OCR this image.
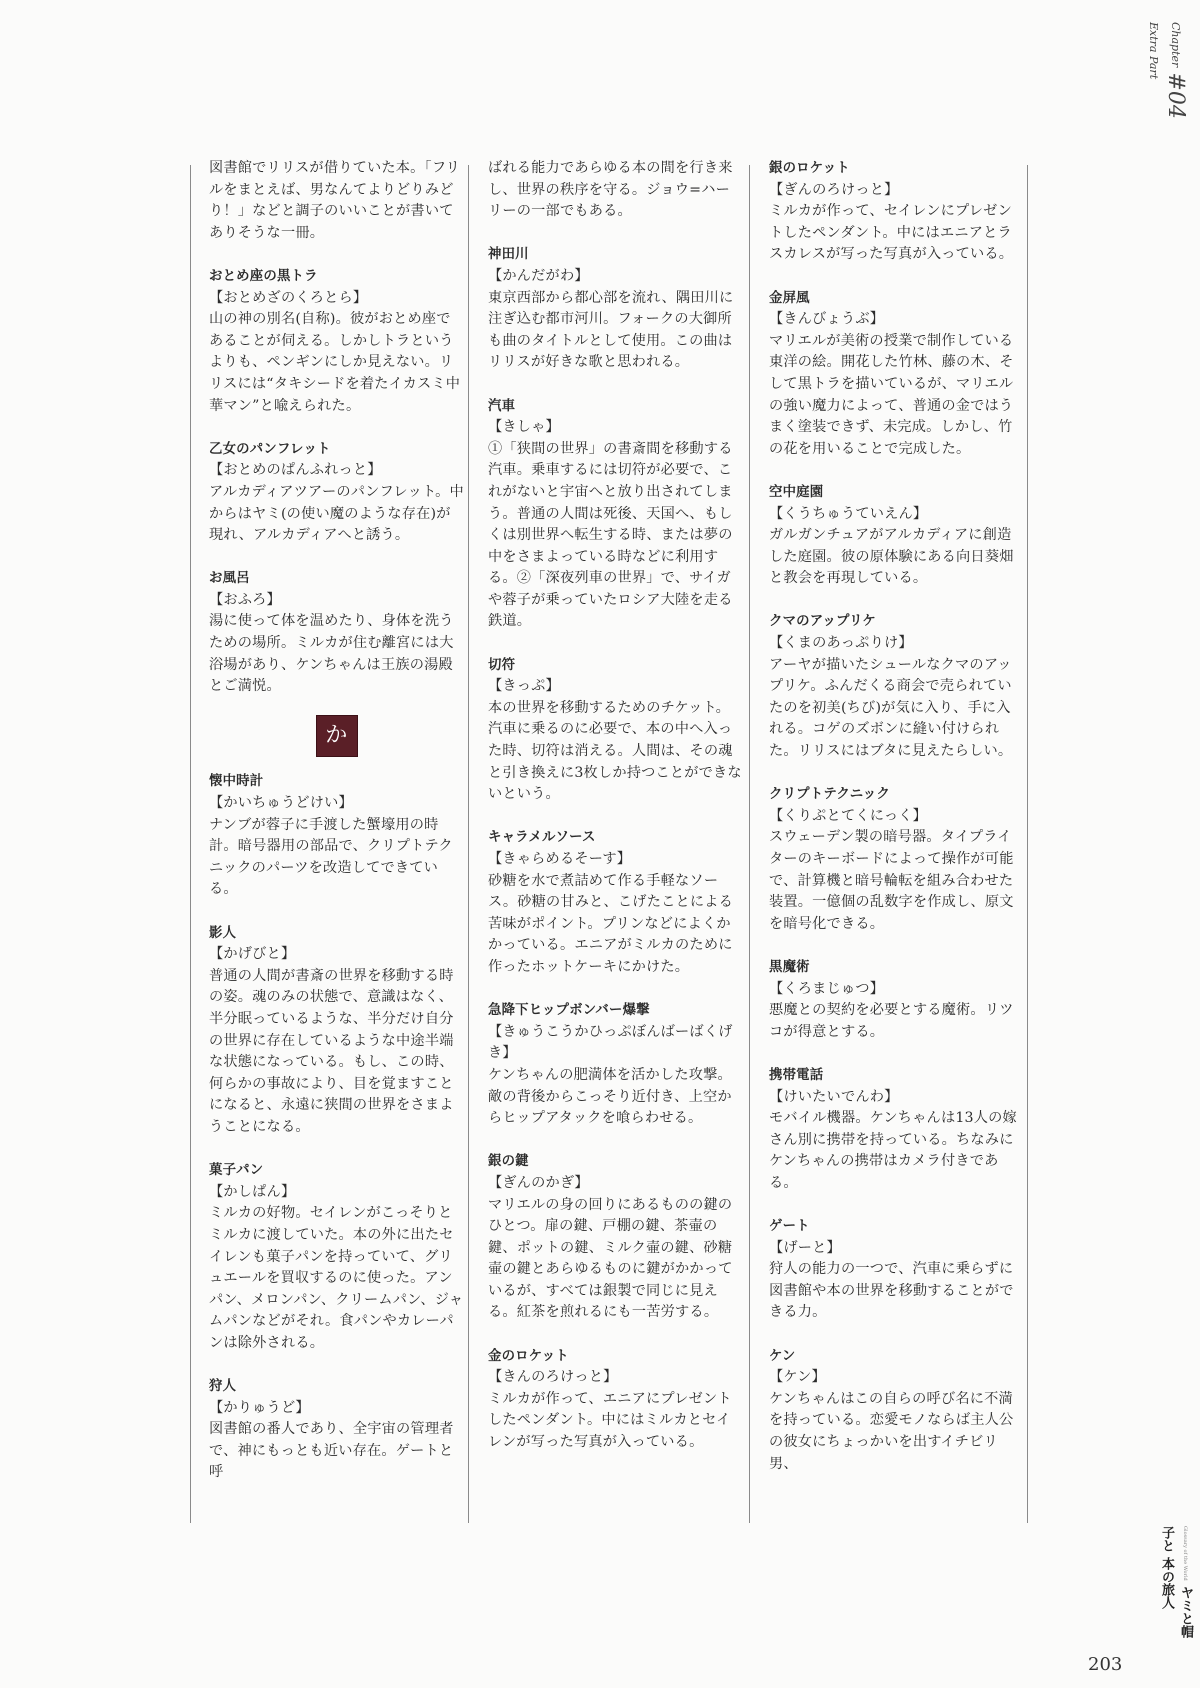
Chapter #04 Extra Part

図書館でリリスが借りていた本。「フリルをまとえば、男なんてよりどりみどり！」などと調子のいいことが書いてありそうな一冊。

おとめ座の黒トラ

【おとめざのくろとら】

山の神の別名(自称)。彼がおとめ座であることが伺える。しかしトラというよりも、ペンギンにしか見えない。リリスには“タキシードを着たイカスミ中華マン”と喩えられた。

乙女のパンフレット

【おとめのぱんふれっと】

アルカディアツアーのパンフレット。中からはヤミ(の使い魔のような存在)が現れ、アルカディアへと誘う。

お風呂

【おふろ】

湯に使って体を温めたり、身体を洗うための場所。ミルカが住む離宮には大浴場があり、ケンちゃんは王族の湯殿とご満悦。

か
懐中時計

【かいちゅうどけい】

ナンブが蓉子に手渡した蟹壕用の時計。暗号器用の部品で、クリプトテクニックのパーツを改造してできている。

影人

【かげびと】

普通の人間が書斎の世界を移動する時の姿。魂のみの状態で、意識はなく、半分眠っているような、半分だけ自分の世界に存在しているような中途半端な状態になっている。もし、この時、何らかの事故により、目を覚ますことになると、永遠に狭間の世界をさまようことになる。

菓子パン

【かしぱん】

ミルカの好物。セイレンがこっそりとミルカに渡していた。本の外に出たセイレンも菓子パンを持っていて、グリュエールを買収するのに使った。アンパン、メロンパン、クリームパン、ジャムパンなどがそれ。食パンやカレーパンは除外される。

狩人

【かりゅうど】

図書館の番人であり、全宇宙の管理者で、神にもっとも近い存在。ゲートと呼

ばれる能力であらゆる本の間を行き来し、世界の秩序を守る。ジョウ=ハーリーの一部でもある。

神田川

【かんだがわ】

東京西部から都心部を流れ、隅田川に注ぎ込む都市河川。フォークの大御所も曲のタイトルとして使用。この曲はリリスが好きな歌と思われる。

汽車

【きしゃ】

①「狭間の世界」の書斎間を移動する汽車。乗車するには切符が必要で、これがないと宇宙へと放り出されてしまう。普通の人間は死後、天国へ、もしくは別世界へ転生する時、または夢の中をさまよっている時などに利用する。②「深夜列車の世界」で、サイガや蓉子が乗っていたロシア大陸を走る鉄道。

切符

【きっぷ】

本の世界を移動するためのチケット。汽車に乗るのに必要で、本の中へ入った時、切符は消える。人間は、その魂と引き換えに3枚しか持つことができないという。

キャラメルソース

【きゃらめるそーす】

砂糖を水で煮詰めて作る手軽なソース。砂糖の甘みと、こげたことによる苦味がポイント。プリンなどによくかかっている。エニアがミルカのために作ったホットケーキにかけた。

急降下ヒップボンバー爆撃

【きゅうこうかひっぷぼんばーばくげき】

ケンちゃんの肥満体を活かした攻撃。敵の背後からこっそり近付き、上空からヒップアタックを喰らわせる。

銀の鍵

【ぎんのかぎ】

マリエルの身の回りにあるものの鍵のひとつ。扉の鍵、戸棚の鍵、茶壷の鍵、ポットの鍵、ミルク壷の鍵、砂糖壷の鍵とあらゆるものに鍵がかかっているが、すべては銀製で同じに見える。紅茶を煎れるにも一苦労する。

金のロケット

【きんのろけっと】

ミルカが作って、エニアにプレゼントしたペンダント。中にはミルカとセイレンが写った写真が入っている。

銀のロケット

【ぎんのろけっと】

ミルカが作って、セイレンにプレゼントしたペンダント。中にはエニアとラスカレスが写った写真が入っている。

金屏風

【きんびょうぶ】

マリエルが美術の授業で制作している東洋の絵。開花した竹林、藤の木、そして黒トラを描いているが、マリエルの強い魔力によって、普通の金ではうまく塗装できず、未完成。しかし、竹の花を用いることで完成した。

空中庭園

【くうちゅうていえん】

ガルガンチュアがアルカディアに創造した庭園。彼の原体験にある向日葵畑と教会を再現している。

クマのアップリケ

【くまのあっぷりけ】

アーヤが描いたシュールなクマのアップリケ。ふんだくる商会で売られていたのを初美(ちび)が気に入り、手に入れる。コゲのズボンに縫い付けられた。リリスにはブタに見えたらしい。

クリプトテクニック

【くりぷとてくにっく】

スウェーデン製の暗号器。タイプライターのキーボードによって操作が可能で、計算機と暗号輪転を組み合わせた装置。一億個の乱数字を作成し、原文を暗号化できる。

黒魔術

【くろまじゅつ】

悪魔との契約を必要とする魔術。リツコが得意とする。

携帯電話

【けいたいでんわ】

モバイル機器。ケンちゃんは13人の嫁さん別に携帯を持っている。ちなみにケンちゃんの携帯はカメラ付きである。

ゲート

【げーと】

狩人の能力の一つで、汽車に乗らずに図書館や本の世界を移動することができる力。

ケン

【ケン】

ケンちゃんはこの自らの呼び名に不満を持っている。恋愛モノならば主人公の彼女にちょっかいを出すイチビリ男、

Glossary of the World ヤミと帽子と 本の旅人
203
